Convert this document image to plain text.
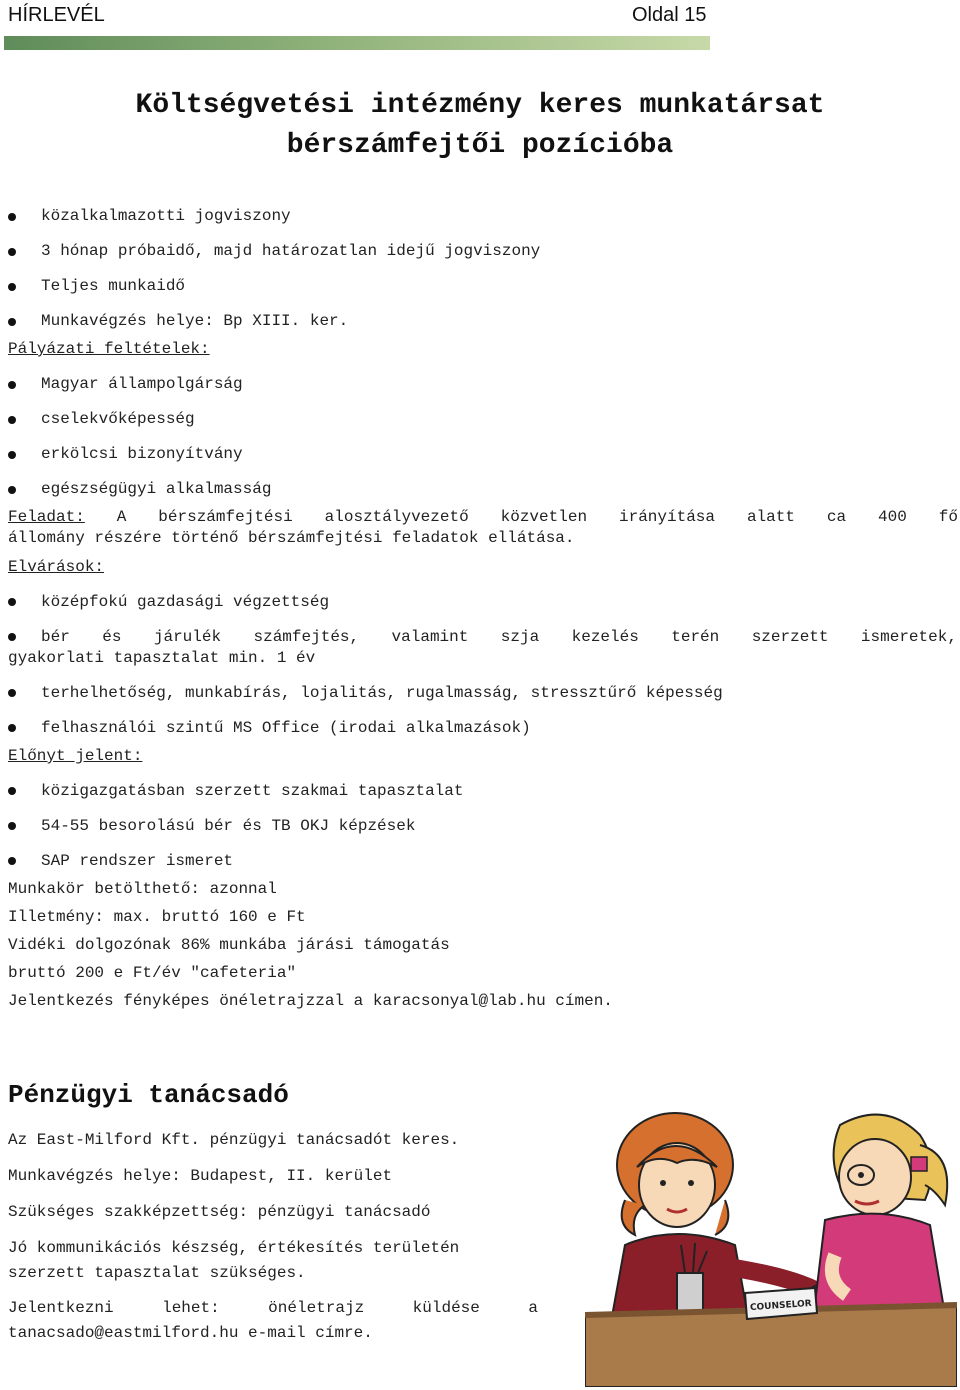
HÍRLEVÉL	Oldal 15
Költségvetési intézmény keres munkatársat
bérszámfejtői pozícióba
közalkalmazotti jogviszony
3 hónap próbaidő, majd határozatlan idejű jogviszony
Teljes munkaidő
Munkavégzés helye: Bp XIII. ker.
Pályázati feltételek:
Magyar állampolgárság
cselekvőképesség
erkölcsi bizonyítvány
egészségügyi alkalmasság
Feladat: A bérszámfejtési alosztályvezető közvetlen irányítása alatt ca 400 fő
állomány részére történő bérszámfejtési feladatok ellátása.
Elvárások:
középfokú gazdasági végzettség
bér és járulék számfejtés, valamint szja kezelés terén szerzett ismeretek,
gyakorlati tapasztalat min. 1 év
terhelhetőség, munkabírás, lojalitás, rugalmasság, stressztűrő képesség
felhasználói szintű MS Office (irodai alkalmazások)
Előnyt jelent:
közigazgatásban szerzett szakmai tapasztalat
54-55 besorolású bér és TB OKJ képzések
SAP rendszer ismeret
Munkakör betölthető: azonnal
Illetmény: max. bruttó 160 e Ft
Vidéki dolgozónak 86% munkába járási támogatás
bruttó 200 e Ft/év "cafeteria"
Jelentkezés fényképes önéletrajzzal a karacsonyal@lab.hu címen.
Pénzügyi tanácsadó
Az East-Milford Kft. pénzügyi tanácsadót keres.
Munkavégzés helye: Budapest, II. kerület
Szükséges szakképzettség: pénzügyi tanácsadó
Jó kommunikációs készség, értékesítés területén
szerzett tapasztalat szükséges.
Jelentkezni	lehet:	önéletrajz	küldése	a
tanacsado@eastmilford.hu e-mail címre.
COUNSELOR
